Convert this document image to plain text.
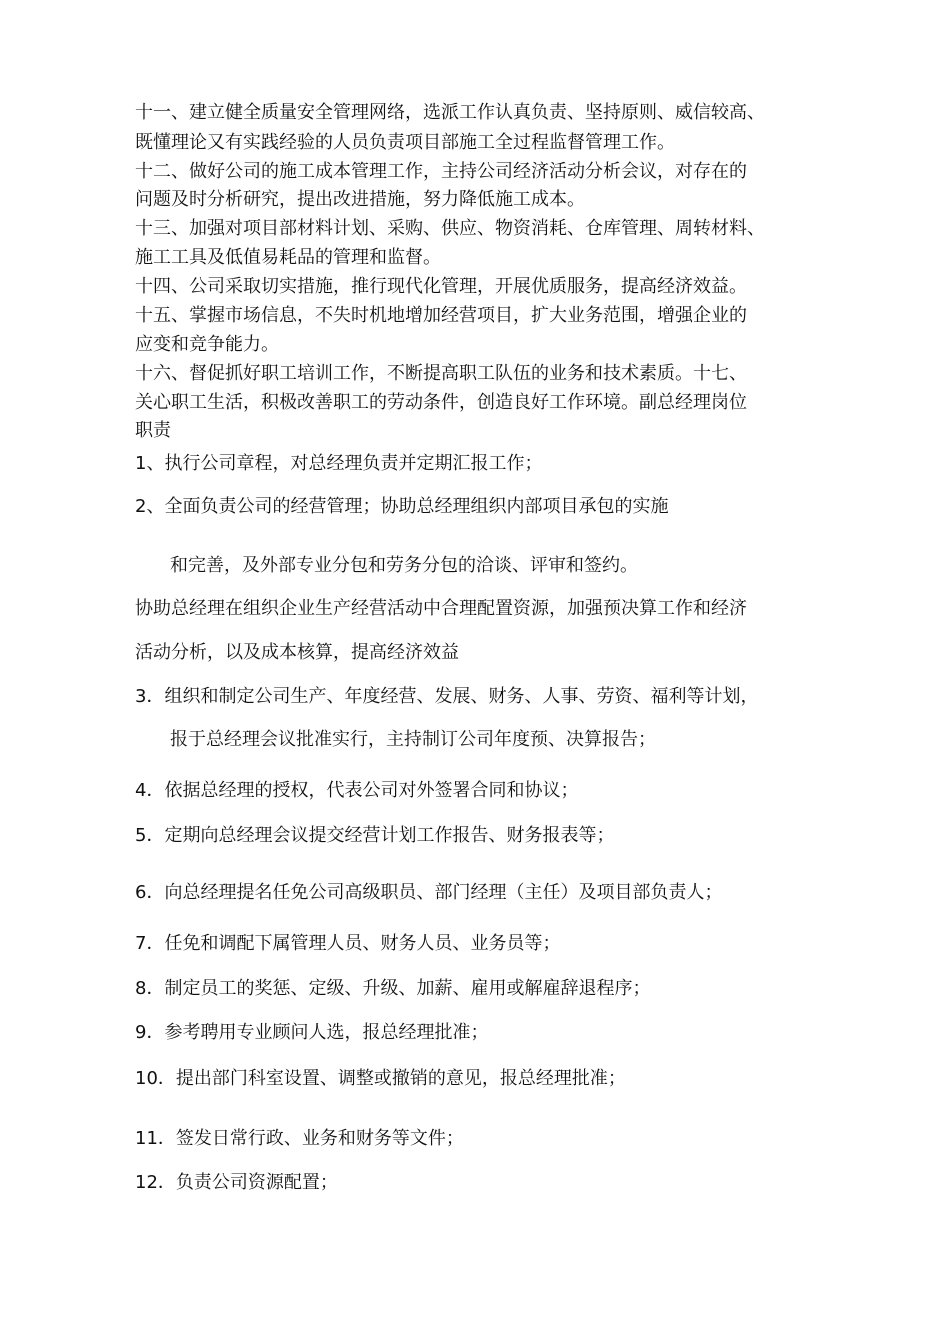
十一、建立健全质量安全管理网络，选派工作认真负责、坚持原则、威信较高、
既懂理论又有实践经验的人员负责项目部施工全过程监督管理工作。
十二、做好公司的施工成本管理工作，主持公司经济活动分析会议，对存在的
问题及时分析研究，提出改进措施，努力降低施工成本。
十三、加强对项目部材料计划、采购、供应、物资消耗、仓库管理、周转材料、
施工工具及低值易耗品的管理和监督。
十四、公司采取切实措施，推行现代化管理，开展优质服务，提高经济效益。
十五、掌握市场信息，不失时机地增加经营项目，扩大业务范围，增强企业的
应变和竞争能力。
十六、督促抓好职工培训工作，不断提高职工队伍的业务和技术素质。十七、
关心职工生活，积极改善职工的劳动条件，创造良好工作环境。副总经理岗位
职责
1、执行公司章程，对总经理负责并定期汇报工作；
2、全面负责公司的经营管理；协助总经理组织内部项目承包的实施
和完善，及外部专业分包和劳务分包的洽谈、评审和签约。
协助总经理在组织企业生产经营活动中合理配置资源，加强预决算工作和经济
活动分析，以及成本核算，提高经济效益
3．组织和制定公司生产、年度经营、发展、财务、人事、劳资、福利等计划，
报于总经理会议批准实行，主持制订公司年度预、决算报告；
4．依据总经理的授权，代表公司对外签署合同和协议；
5．定期向总经理会议提交经营计划工作报告、财务报表等；
6．向总经理提名任免公司高级职员、部门经理（主任）及项目部负责人；
7．任免和调配下属管理人员、财务人员、业务员等；
8．制定员工的奖惩、定级、升级、加薪、雇用或解雇辞退程序；
9．参考聘用专业顾问人选，报总经理批准；
10．提出部门科室设置、调整或撤销的意见，报总经理批准；
11．签发日常行政、业务和财务等文件；
12．负责公司资源配置；
